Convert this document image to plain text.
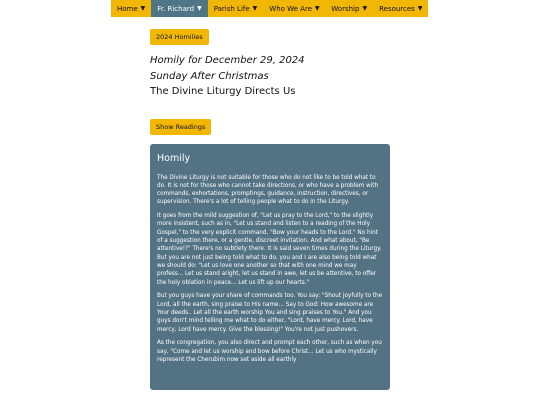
Home ▼ Fr. Richard ▼ Parish Life ▼ Who We Are ▼ Worship ▼ Resources ▼
2024 Homilies

Homily for December 29, 2024

Sunday After Christmas

The Divine Liturgy Directs Us

Show Readings
Homily

The Divine Liturgy is not suitable for those who do not like to be told what to do. It is not for those who cannot take directions, or who have a problem with commands, exhortations, promptings, guidance, instruction, directives, or supervision. There's a lot of telling people what to do in the Liturgy.

It goes from the mild suggestion of, "Let us pray to the Lord," to the slightly more insistent, such as in, "Let us stand and listen to a reading of the Holy Gospel," to the very explicit command, "Bow your heads to the Lord." No hint of a suggestion there, or a gentle, discreet invitation. And what about, "Be attentive!?" There's no subtlety there. It is said seven times during the Liturgy. But you are not just being told what to do, you and I are also being told what we should do: "Let us love one another so that with one mind we may profess... Let us stand aright, let us stand in awe, let us be attentive, to offer the holy oblation in peace... Let us lift up our hearts."

But you guys have your share of commands too. You say: "Shout joyfully to the Lord, all the earth, sing praise to His name... Say to God: How awesome are Your deeds.. Let all the earth worship You and sing praises to You." And you guys don't mind telling me what to do either, "Lord, have mercy. Lord, have mercy, Lord have mercy. Give the blessing!" You're not just pushovers.

As the congregation, you also direct and prompt each other, such as when you say, "Come and let us worship and bow before Christ... Let us who mystically represent the Cherubim now set aside all earthly
